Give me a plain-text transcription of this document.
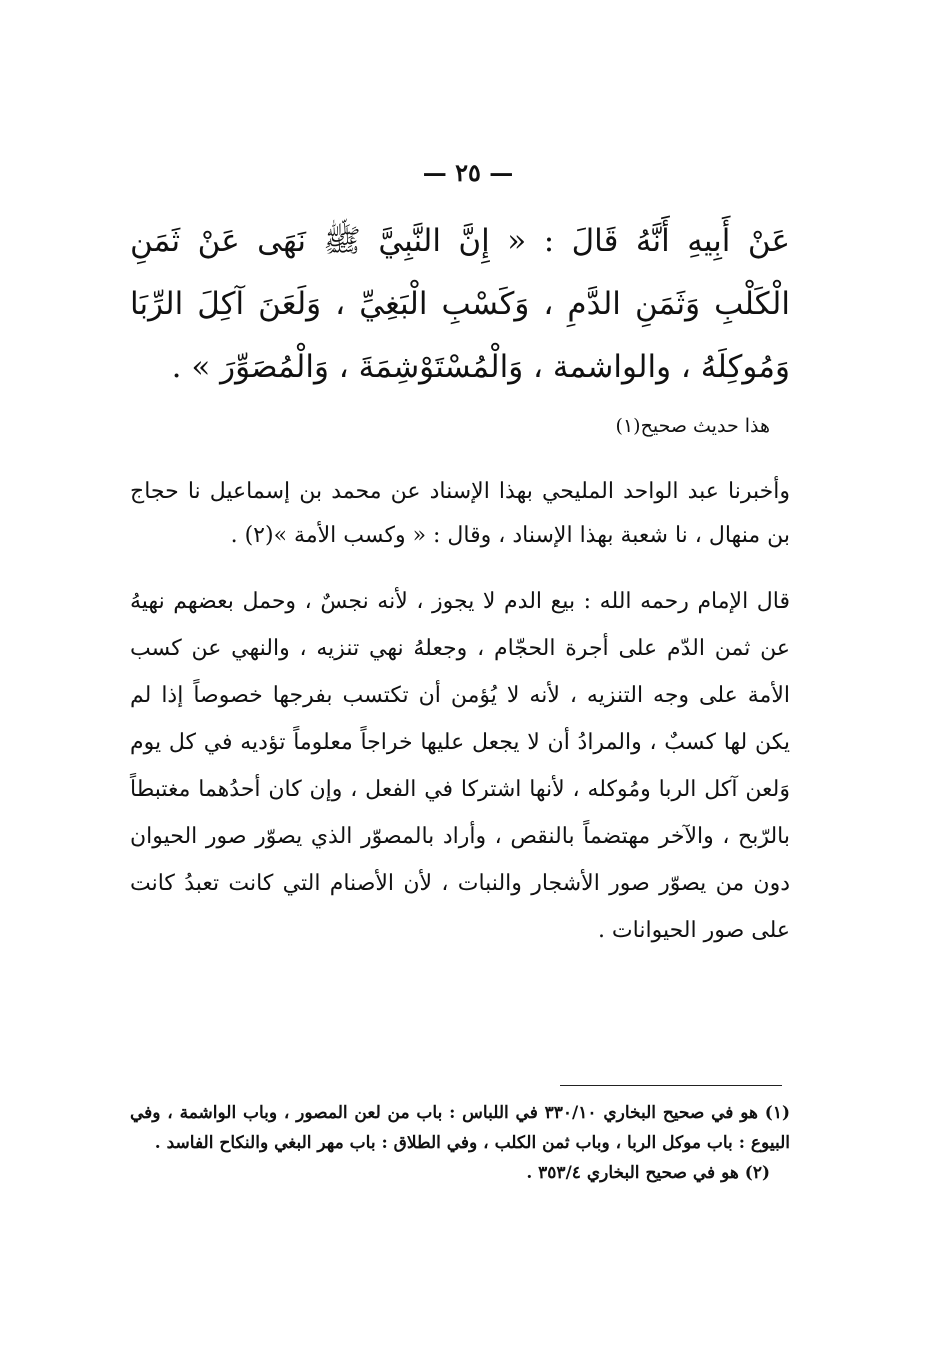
— ٢٥ —
عَنْ أَبِيهِ أَنَّهُ قَالَ : « إِنَّ النَّبِيَّ ﷺ نَهَى عَنْ ثَمَنِ الْكَلْبِ وَثَمَنِ الدَّمِ ، وَكَسْبِ الْبَغِيِّ ، وَلَعَنَ آكِلَ الرِّبَا وَمُوكِلَهُ ، والواشمة ، وَالْمُسْتَوْشِمَةَ ، وَالْمُصَوِّرَ » .
هذا حديث صحيح(١)

وأخبرنا عبد الواحد المليحي بهذا الإسناد عن محمد بن إسماعيل نا حجاج بن منهال ، نا شعبة بهذا الإسناد ، وقال : « وكسب الأمة »(٢) .

قال الإمام رحمه الله : بيع الدم لا يجوز ، لأنه نجسٌ ، وحمل بعضهم نهيهُ عن ثمن الدّم على أجرة الحجّام ، وجعلهُ نهي تنزيه ، والنهي عن كسب الأمة على وجه التنزيه ، لأنه لا يُؤمن أن تكتسب بفرجها خصوصاً إذا لم يكن لها كسبٌ ، والمرادُ أن لا يجعل عليها خراجاً معلوماً تؤديه في كل يوم وَلعن آكل الربا ومُوكله ، لأنها اشتركا في الفعل ، وإن كان أحدُهما مغتبطاً بالرّبح ، والآخر مهتضماً بالنقص ، وأراد بالمصوّر الذي يصوّر صور الحيوان دون من يصوّر صور الأشجار والنبات ، لأن الأصنام التي كانت تعبدُ كانت على صور الحيوانات .

(١) هو في صحيح البخاري ٣٣٠/١٠ في اللباس : باب من لعن المصور ، وباب الواشمة ، وفي البيوع : باب موكل الربا ، وباب ثمن الكلب ، وفي الطلاق : باب مهر البغي والنكاح الفاسد .

(٢) هو في صحيح البخاري ٣٥٣/٤ .
